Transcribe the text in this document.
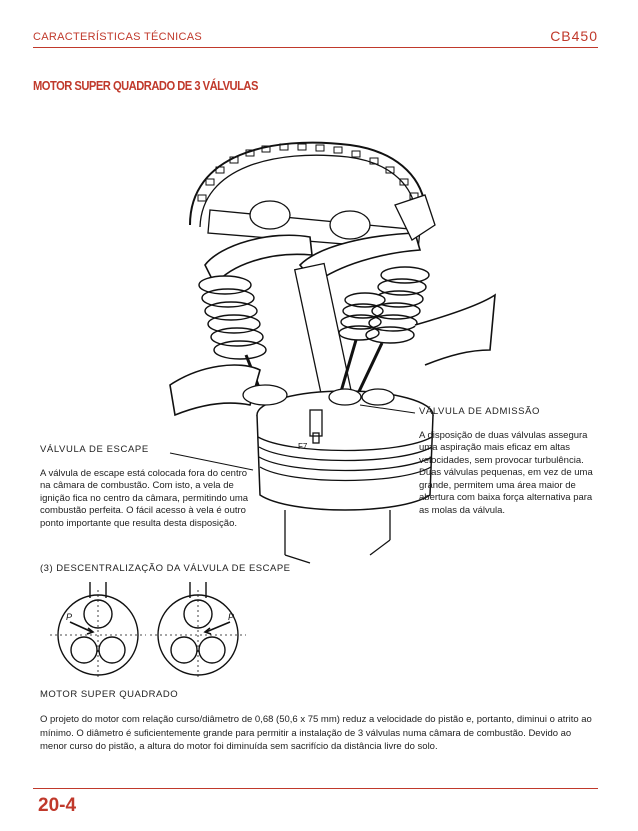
CARACTERÍSTICAS TÉCNICAS	CB450
MOTOR SUPER QUADRADO DE 3 VÁLVULAS
F7
VÁLVULA DE ADMISSÃO
A disposição de duas válvulas assegura uma aspiração mais eficaz em altas velocidades, sem provocar turbulência.
Duas válvulas pequenas, em vez de uma grande, permitem uma área maior de abertura com baixa força alternativa para as molas da válvula.
VÁLVULA DE ESCAPE
A válvula de escape está colocada fora do centro na câmara de combustão. Com isto, a vela de ignição fica no centro da câmara, permitindo uma combustão perfeita. O fácil acesso à vela é outro ponto importante que resulta desta disposição.
(3) DESCENTRALIZAÇÃO DA VÁLVULA DE ESCAPE
P	P
MOTOR SUPER QUADRADO
O projeto do motor com relação curso/diâmetro de 0,68 (50,6 x 75 mm) reduz a velocidade do pistão e, portanto, diminui o atrito ao mínimo. O diâmetro é suficientemente grande para permitir a instalação de 3 válvulas numa câmara de combustão. Devido ao menor curso do pistão, a altura do motor foi diminuída sem sacrifício da distância livre do solo.
20-4
